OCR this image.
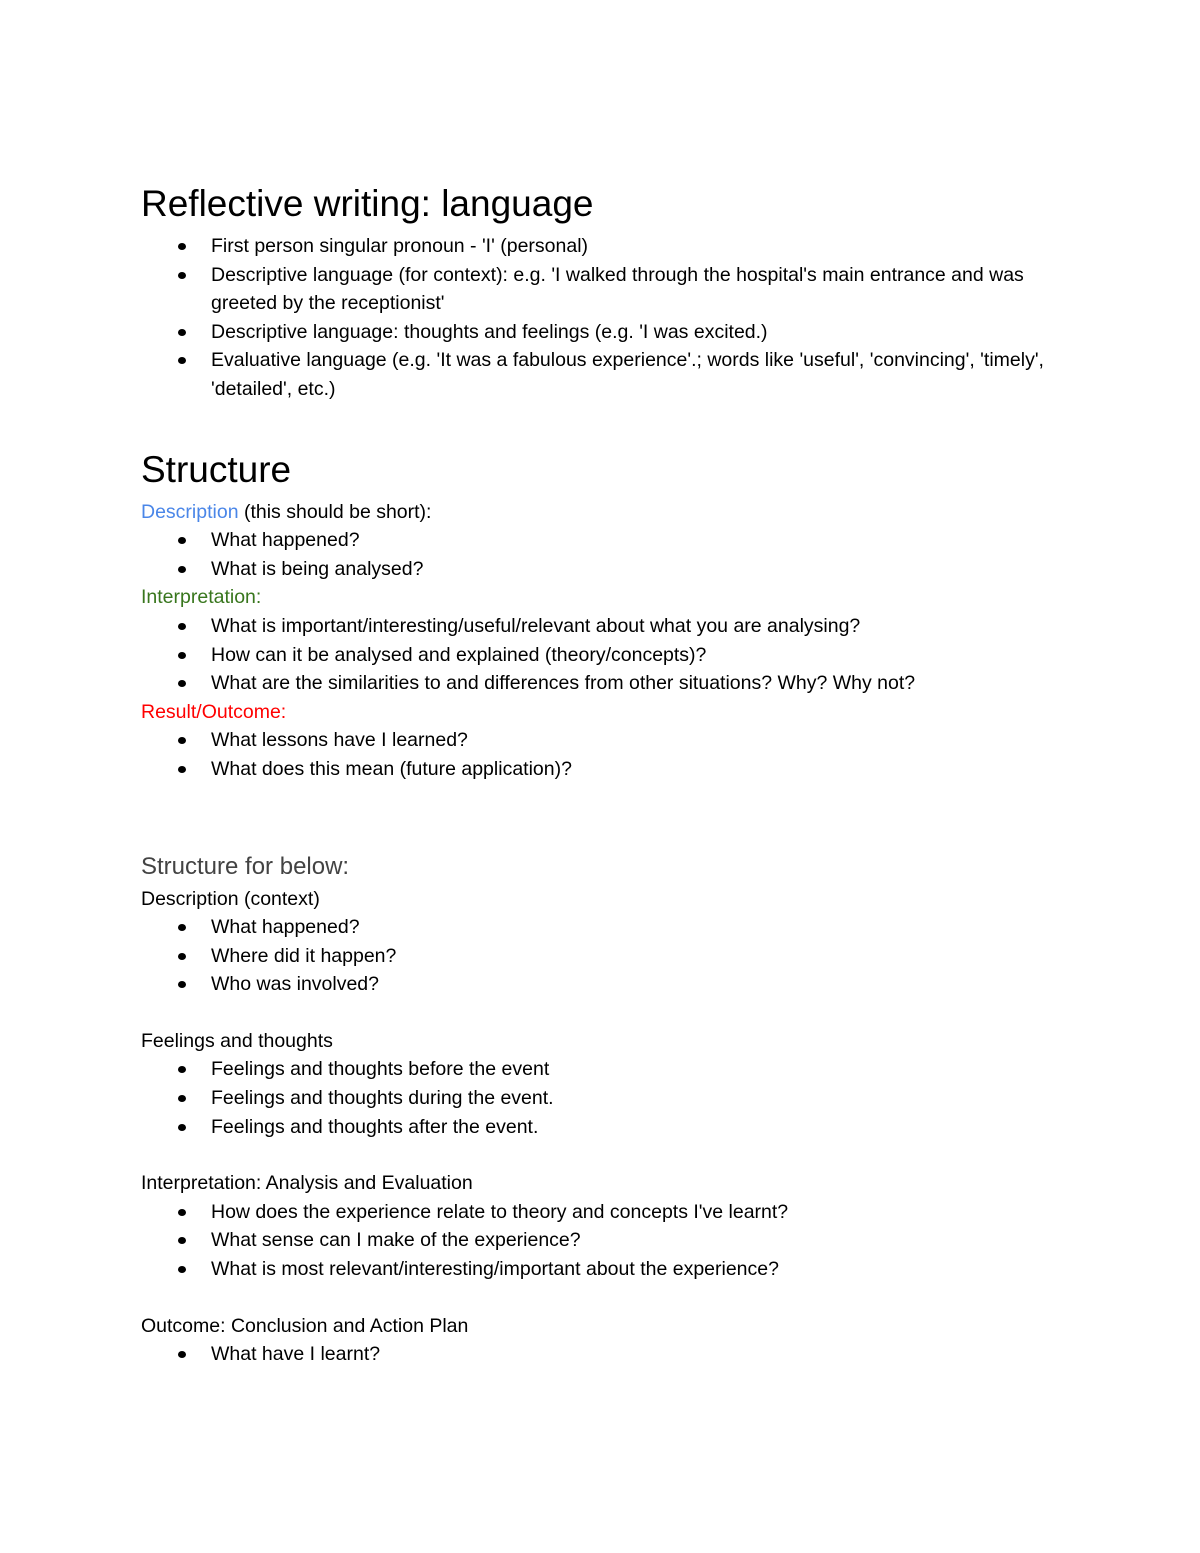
Reflective writing: language
First person singular pronoun - 'I' (personal)
Descriptive language (for context): e.g. 'I walked through the hospital's main entrance and was greeted by the receptionist'
Descriptive language: thoughts and feelings (e.g. 'I was excited.)
Evaluative language (e.g. 'It was a fabulous experience'.; words like 'useful', 'convincing', 'timely', 'detailed', etc.)
Structure

Description (this should be short):

What happened?
What is being analysed?

Interpretation:

What is important/interesting/useful/relevant about what you are analysing?
How can it be analysed and explained (theory/concepts)?
What are the similarities to and differences from other situations? Why? Why not?

Result/Outcome:

What lessons have I learned?
What does this mean (future application)?
Structure for below:

Description (context)

What happened?
Where did it happen?
Who was involved?

Feelings and thoughts

Feelings and thoughts before the event
Feelings and thoughts during the event.
Feelings and thoughts after the event.

Interpretation: Analysis and Evaluation

How does the experience relate to theory and concepts I've learnt?
What sense can I make of the experience?
What is most relevant/interesting/important about the experience?

Outcome: Conclusion and Action Plan

What have I learnt?
